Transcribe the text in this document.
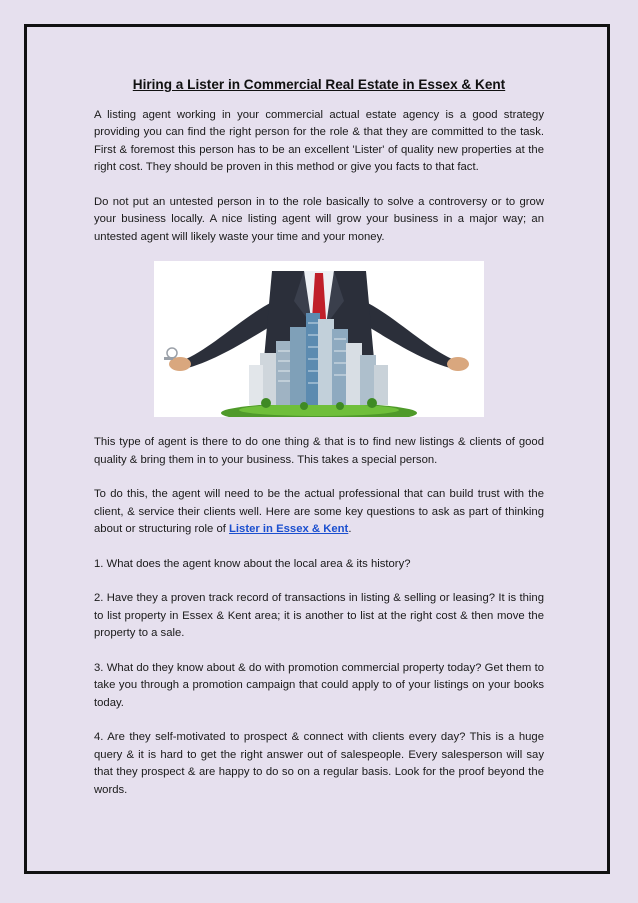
Hiring a Lister in Commercial Real Estate in Essex & Kent

A listing agent working in your commercial actual estate agency is a good strategy providing you can find the right person for the role & that they are committed to the task. First & foremost this person has to be an excellent 'Lister' of quality new properties at the right cost. They should be proven in this method or give you facts to that fact.

Do not put an untested person in to the role basically to solve a controversy or to grow your business locally. A nice listing agent will grow your business in a major way; an untested agent will likely waste your time and your money.

This type of agent is there to do one thing & that is to find new listings & clients of good quality & bring them in to your business. This takes a special person.

To do this, the agent will need to be the actual professional that can build trust with the client, & service their clients well. Here are some key questions to ask as part of thinking about or structuring role of Lister in Essex & Kent.

1. What does the agent know about the local area & its history?

2. Have they a proven track record of transactions in listing & selling or leasing? It is thing to list property in Essex & Kent area; it is another to list at the right cost & then move the property to a sale.

3. What do they know about & do with promotion commercial property today? Get them to take you through a promotion campaign that could apply to of your listings on your books today.

4. Are they self-motivated to prospect & connect with clients every day? This is a huge query & it is hard to get the right answer out of salespeople. Every salesperson will say that they prospect & are happy to do so on a regular basis. Look for the proof beyond the words.
